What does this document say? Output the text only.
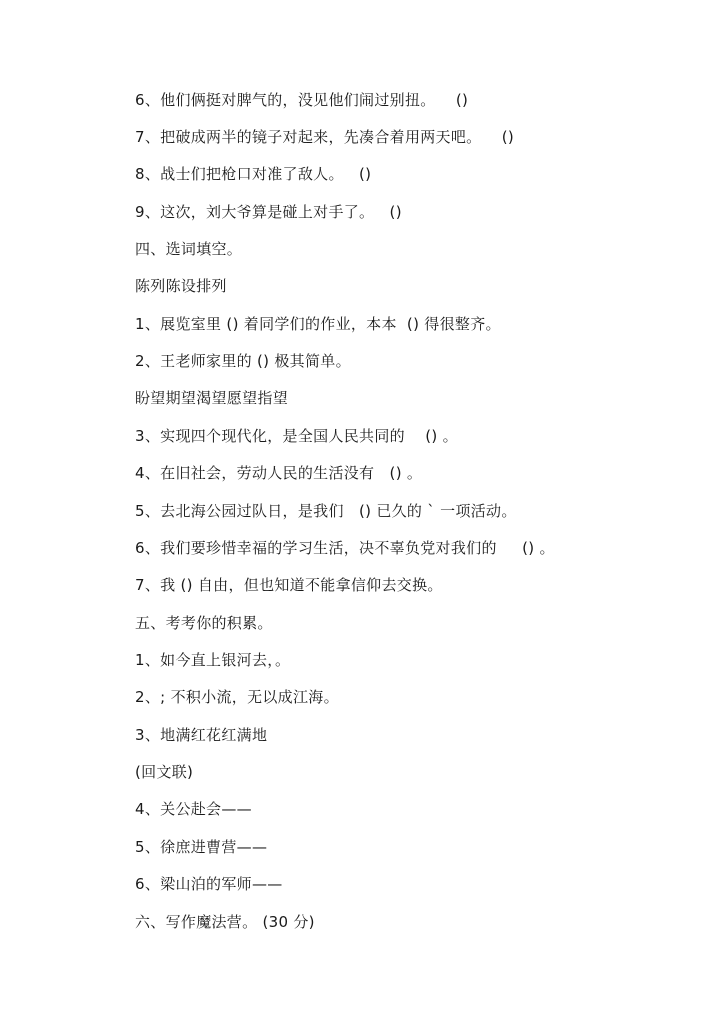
6、他们俩挺对脾气的，没见他们闹过别扭。    ()
7、把破成两半的镜子对起来，先凑合着用两天吧。    ()
8、战士们把枪口对准了敌人。   ()
9、这次，刘大爷算是碰上对手了。   ()
四、选词填空。
陈列陈设排列
1、展览室里 () 着同学们的作业，本本  () 得很整齐。
2、王老师家里的 () 极其简单。
盼望期望渴望愿望指望
3、实现四个现代化，是全国人民共同的    () 。
4、在旧社会，劳动人民的生活没有   () 。
5、去北海公园过队日，是我们   () 已久的 ` 一项活动。
6、我们要珍惜幸福的学习生活，决不辜负党对我们的     () 。
7、我 () 自由，但也知道不能拿信仰去交换。
五、考考你的积累。
1、如今直上银河去，。
2、; 不积小流，无以成江海。
3、地满红花红满地
(回文联)
4、关公赴会——
5、徐庶进曹营——
6、梁山泊的军师——
六、写作魔法营。 (30 分)
